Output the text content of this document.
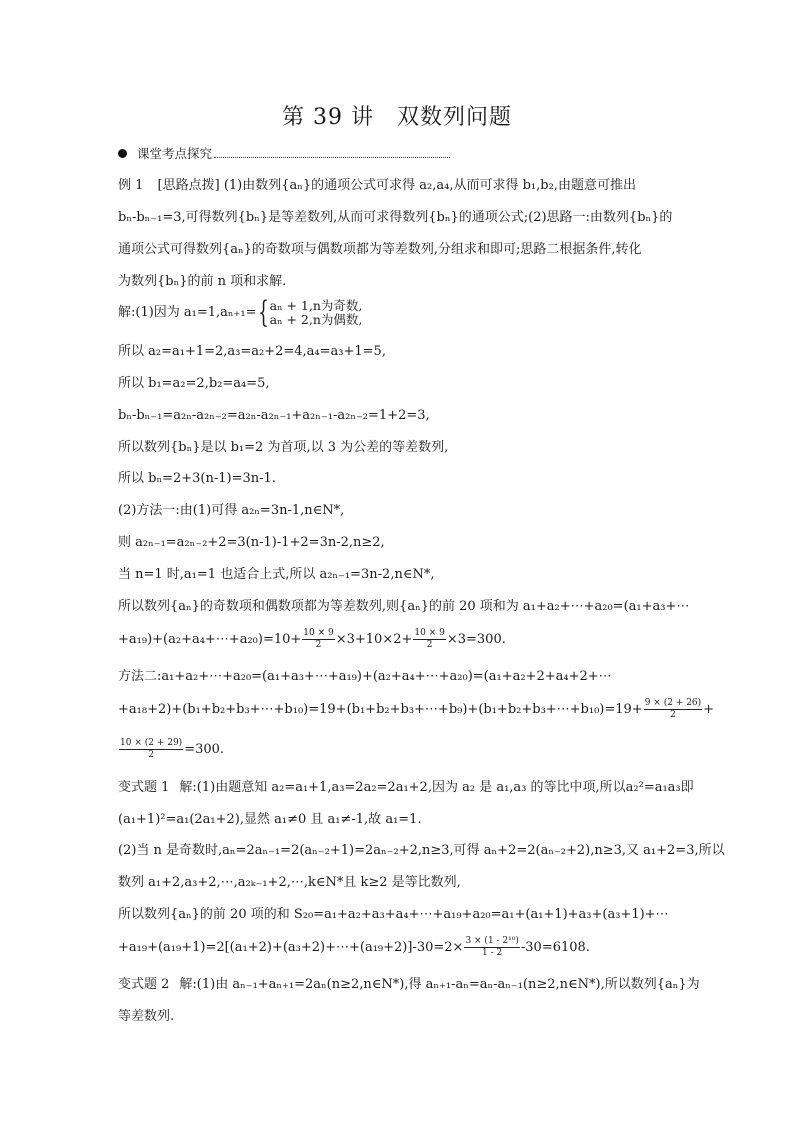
第 39 讲　双数列问题
课堂考点探究
例 1 [思路点拨] (1)由数列{aₙ}的通项公式可求得 a₂,a₄,从而可求得 b₁,b₂,由题意可推出
bₙ-bₙ₋₁=3,可得数列{bₙ}是等差数列,从而可求得数列{bₙ}的通项公式;(2)思路一:由数列{bₙ}的
通项公式可得数列{aₙ}的奇数项与偶数项都为等差数列,分组求和即可;思路二根据条件,转化
为数列{bₙ}的前 n 项和求解.
解:(1)因为 a₁=1,aₙ₊₁= { aₙ + 1,n为奇数,
aₙ + 2,n为偶数,
所以 a₂=a₁+1=2,a₃=a₂+2=4,a₄=a₃+1=5,
所以 b₁=a₂=2,b₂=a₄=5,
bₙ-bₙ₋₁=a₂ₙ-a₂ₙ₋₂=a₂ₙ-a₂ₙ₋₁+a₂ₙ₋₁-a₂ₙ₋₂=1+2=3,
所以数列{bₙ}是以 b₁=2 为首项,以 3 为公差的等差数列,
所以 bₙ=2+3(n-1)=3n-1.
(2)方法一:由(1)可得 a₂ₙ=3n-1,n∈N*,
则 a₂ₙ₋₁=a₂ₙ₋₂+2=3(n-1)-1+2=3n-2,n≥2,
当 n=1 时,a₁=1 也适合上式,所以 a₂ₙ₋₁=3n-2,n∈N*,
所以数列{aₙ}的奇数项和偶数项都为等差数列,则{aₙ}的前 20 项和为 a₁+a₂+⋯+a₂₀=(a₁+a₃+⋯
+a₁₉)+(a₂+a₄+⋯+a₂₀)=10+ $\frac{10 \times 9}{2} \times 3+10\times 2+ \frac{10 \times 9}{2} \times 3=300$.
方法二:a₁+a₂+⋯+a₂₀=(a₁+a₃+⋯+a₁₉)+(a₂+a₄+⋯+a₂₀)=(a₁+a₂+2+a₄+2+⋯
+a₁₈+2)+(b₁+b₂+b₃+⋯+b₁₀)=19+(b₁+b₂+b₃+⋯+b₉)+(b₁+b₂+b₃+⋯+b₁₀)=19+ $\frac{9 \times (2 + 26)}{2}$ +
$\frac{10 \times (2 + 29)}{2} =300$.
变式题 1 解:(1)由题意知 a₂=a₁+1,a₃=2a₂=2a₁+2,因为 a₂ 是 a₁,a₃ 的等比中项,所以a₂²=a₁a₃即
(a₁+1)²=a₁(2a₁+2),显然 a₁≠0 且 a₁≠-1,故 a₁=1.
(2)当 n 是奇数时,aₙ=2aₙ₋₁=2(aₙ₋₂+1)=2aₙ₋₂+2,n≥3,可得 aₙ+2=2(aₙ₋₂+2),n≥3,又 a₁+2=3,所以
数列 a₁+2,a₃+2,⋯,a₂ₖ₋₁+2,⋯,k∈N*且 k≥2 是等比数列,
所以数列{aₙ}的前 20 项的和 S₂₀=a₁+a₂+a₃+a₄+⋯+a₁₉+a₂₀=a₁+(a₁+1)+a₃+(a₃+1)+⋯
+a₁₉+(a₁₉+1)=2[(a₁+2)+(a₃+2)+⋯+(a₁₉+2)]-30=2× $\frac{\text{3 × (1 - 2¹⁰)}}{1 - 2} -30=6108$.
变式题 2 解:(1)由 aₙ₋₁+aₙ₊₁=2aₙ(n≥2,n∈N*),得 aₙ₊₁-aₙ=aₙ-aₙ₋₁(n≥2,n∈N*),所以数列{aₙ}为
等差数列.
